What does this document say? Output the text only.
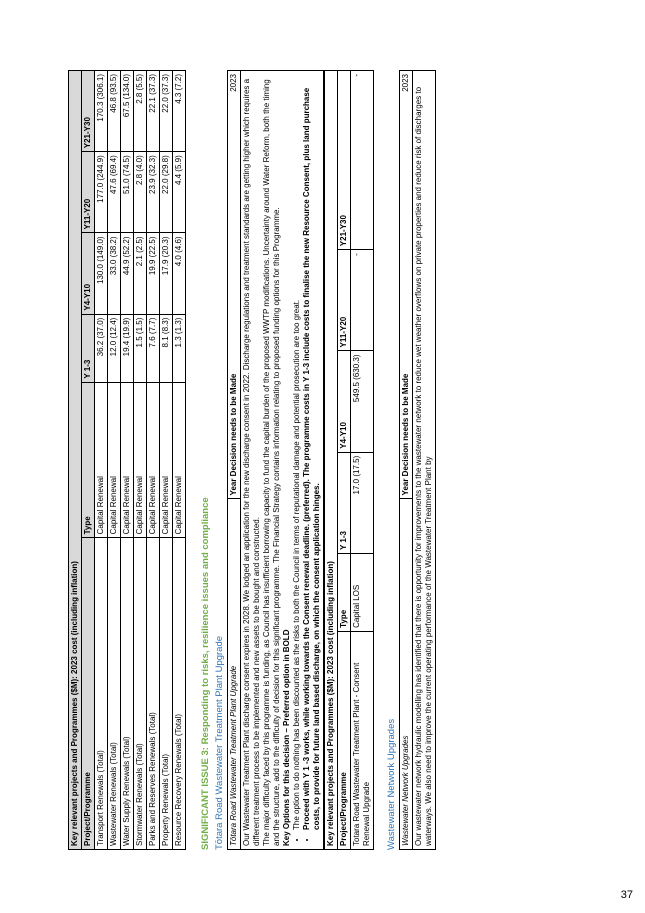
37
Key relevant projects and Programmes ($M): 2023 cost (including inflation)					
Project/Programme	Type	Y 1-3	Y4-Y10	Y11-Y20	Y21-Y30
Transport Renewals (Total)	Capital Renewal	36.2 (37.0)	130.0 (149.0)	177.0 (244.9)	170.3 (306.1)
Wastewater Renewals (Total)	Capital Renewal	12.0 (12.4)	33.0 (38.2)	47.6 (69.4)	46.8 (93.5)
Water Supply Renewals (Total)	Capital Renewal	19.4 (19.9)	44.9 (52.2)	51.0 (74.5)	67.5 (134.0)
Stormwater Renewals (Total)	Capital Renewal	1.5 (1.5)	2.1 (2.5)	2.8 (4.0)	2.8 (5.5)
Parks and Reserves Renewals (Total)	Capital Renewal	7.6 (7.7)	19.9 (22.5)	23.9 (32.3)	22.1 (37.3)
Property Renewals (Total)	Capital Renewal	8.1 (8.3)	17.9 (20.3)	22.0 (29.8)	22.0 (37.3)
Resource Recovery Renewals (Total)	Capital Renewal	1.3 (1.3)	4.0 (4.6)	4.4 (5.9)	4.3 (7.2)
SIGNIFICANT ISSUE 3: Responding to risks, resilience issues and compliance Tōtara Road Wastewater Treatment Plant Upgrade Tōtara Road Wastewater Treatment Plant Upgrade	Year Decision needs to be Made	2023 Our Wastewater Treatment Plant discharge consent expires in 2028. We lodged an application for the new discharge consent in 2022. Discharge regulations and treatment standards are getting higher which requires a different treatment process to be implemented and new assets to be bought and constructed. The major difficulty faced by this programme is funding, as Council has insufficient borrowing capacity to fund the capital burden of the proposed WWTP modifications. Uncertainty around Water Reform, both the timing and the structure, add to the difficulty of decision for this significant programme. The Financial Strategy contains information relating to proposed funding options for this Programme. Key Options for this decision – Preferred option in BOLD • The option to do nothing has been discounted as the risks to both the Council in terms of reputational damage and potential prosecution are too great. • Proceed with Y 1 -3 works, while working towards the Consent renewal deadline. (preferred). The programme costs in Y 1-3 include costs to finalise the new Resource Consent, plus land purchase costs, to provide for future land based discharge, on which the consent application hinges. Key relevant projects and Programmes ($M): 2023 cost (including inflation)					
Project/Programme	Type	Y 1-3	Y4-Y10	Y11-Y20	Y21-Y30
Totara Road Wastewater Treatment Plant - Consent Renewal Upgrade	Capital LOS	17.0 (17.5)	549.5 (630.3)	-	-
Wastewater Network Upgrades Wastewater Network Upgrades	Year Decision needs to be Made	2023
Our wastewater network hydraulic modelling has identified that there is opportunity for improvements to the wastewater network to reduce wet weather overflows on private properties and reduce risk of discharges to waterways. We also need to improve the current operating performance of the Wastewater Treatment Plant by
